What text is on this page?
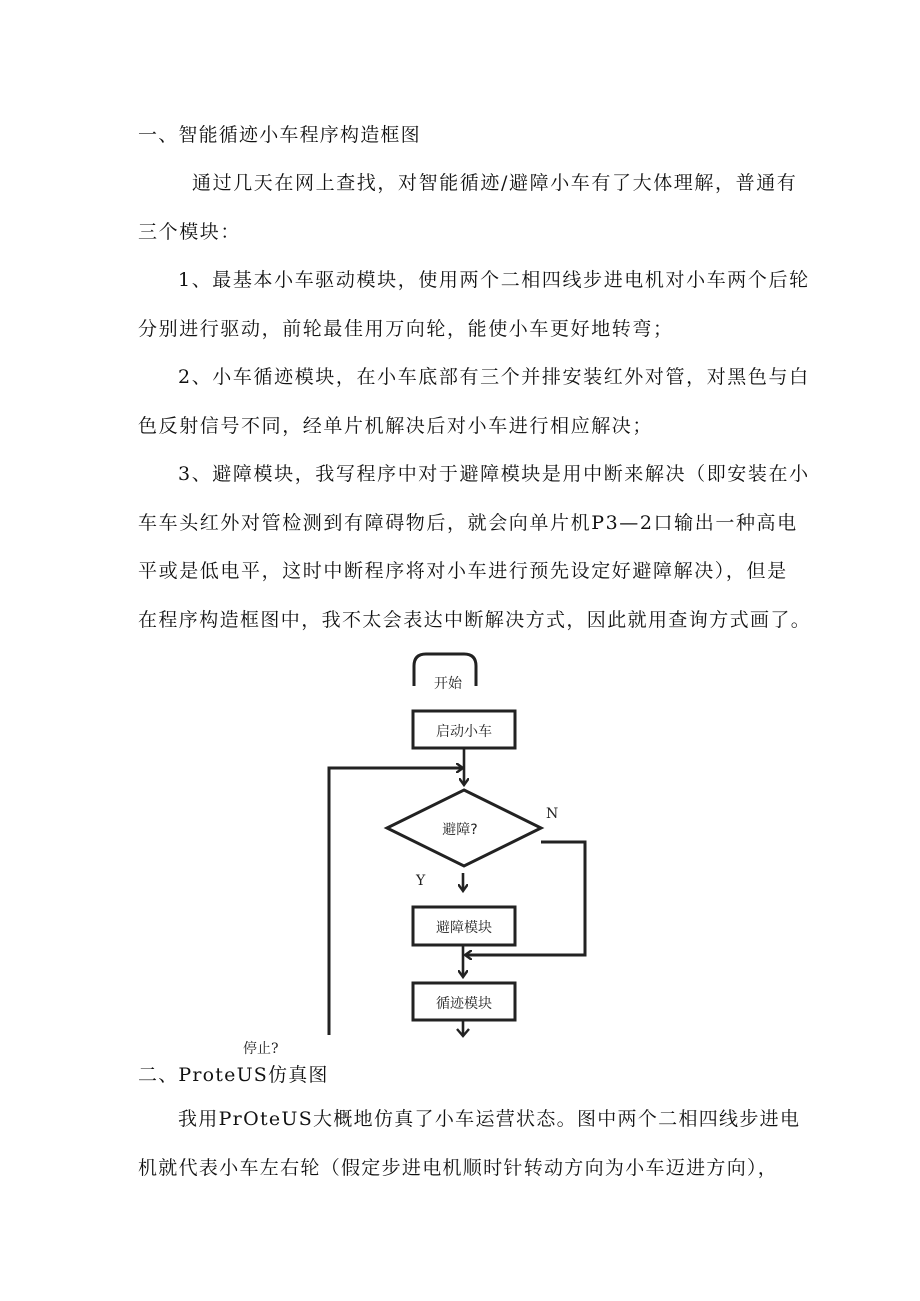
一、智能循迹小车程序构造框图
通过几天在网上查找，对智能循迹/避障小车有了大体理解，普通有
三个模块：
1、最基本小车驱动模块，使用两个二相四线步进电机对小车两个后轮
分别进行驱动，前轮最佳用万向轮，能使小车更好地转弯；
2、小车循迹模块，在小车底部有三个并排安装红外对管，对黑色与白
色反射信号不同，经单片机解决后对小车进行相应解决；
3、避障模块，我写程序中对于避障模块是用中断来解决（即安装在小
车车头红外对管检测到有障碍物后，就会向单片机P3—2口输出一种高电
平或是低电平，这时中断程序将对小车进行预先设定好避障解决），但是
在程序构造框图中，我不太会表达中断解决方式，因此就用查询方式画了。
开始
启动小车
避障?
N
Y
避障模块
循迹模块
停止?
二、ProteUS仿真图
我用PrOteUS大概地仿真了小车运营状态。图中两个二相四线步进电
机就代表小车左右轮（假定步进电机顺时针转动方向为小车迈进方向），
